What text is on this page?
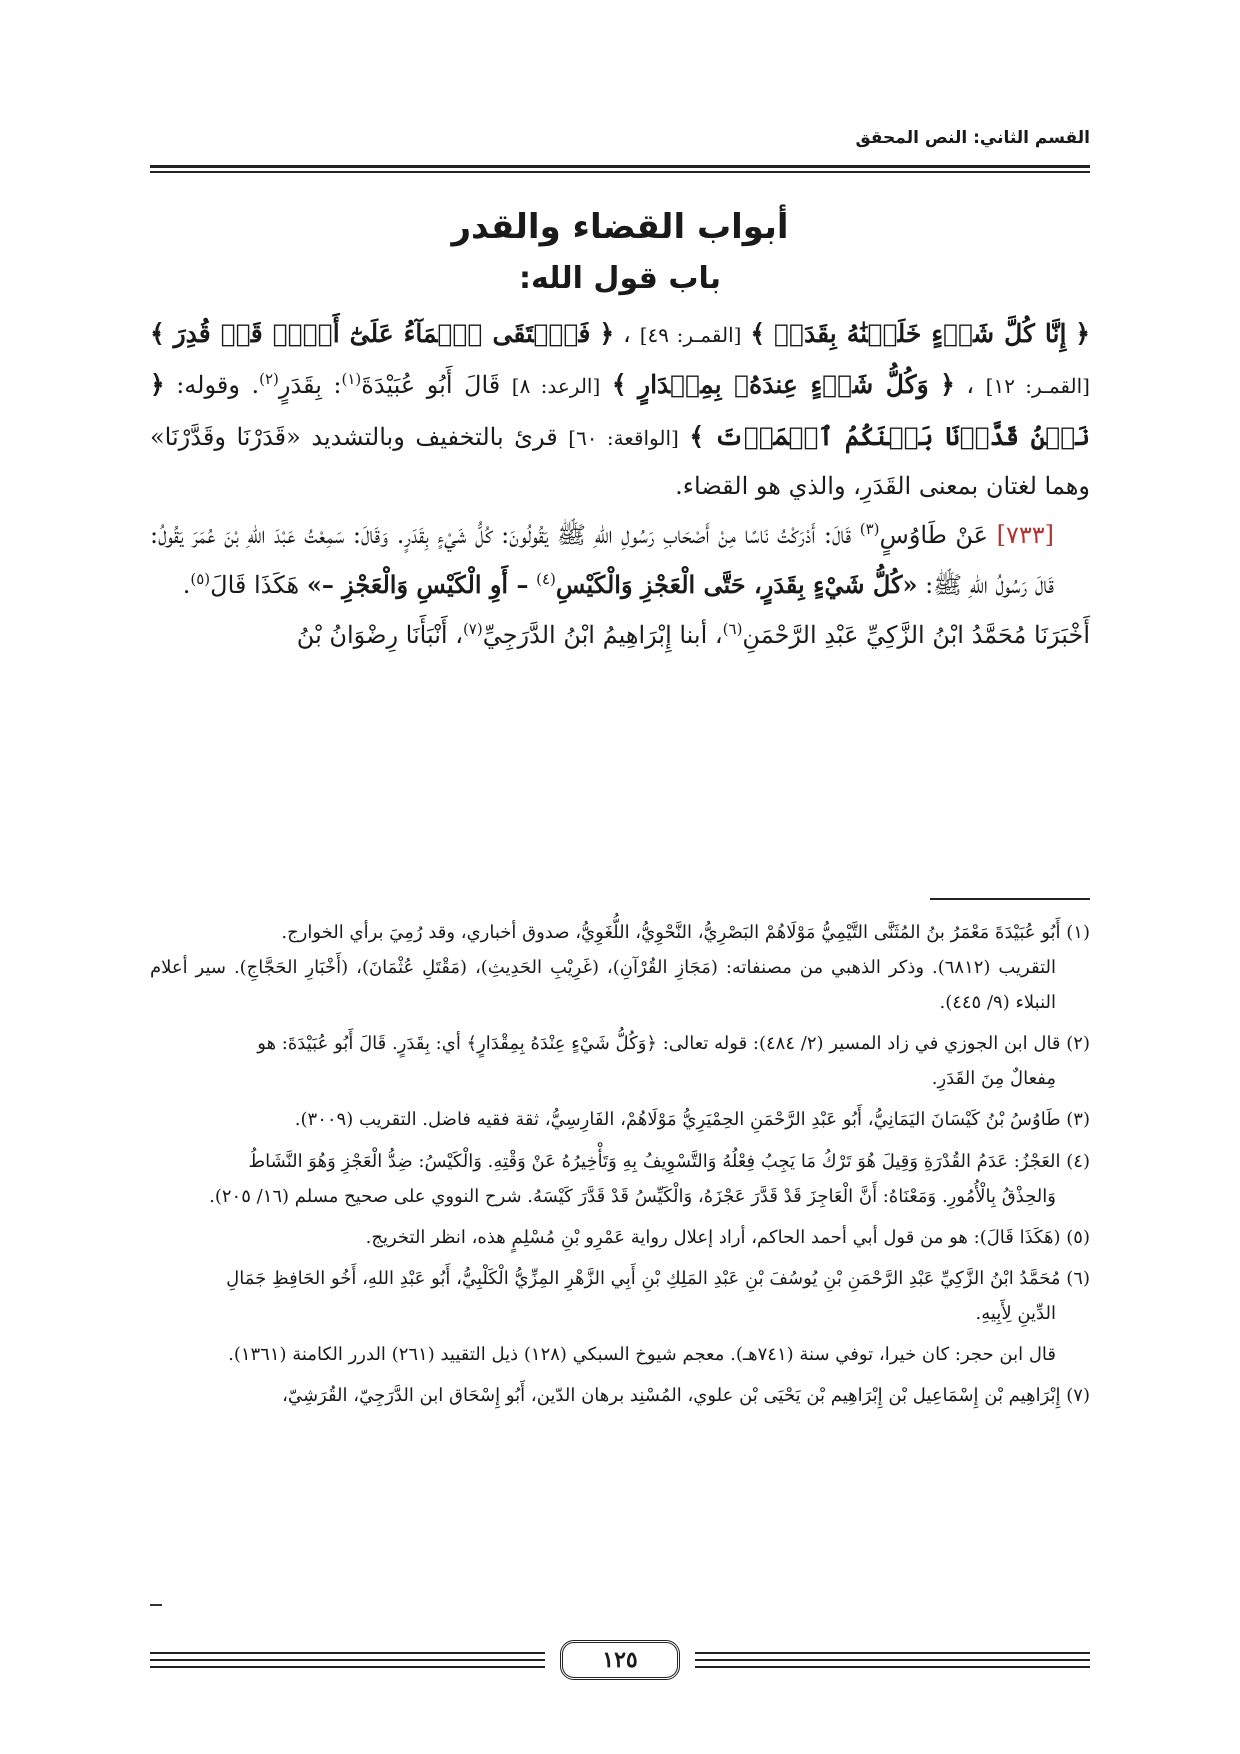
القسم الثاني: النص المحقق
أبواب القضاء والقدر
باب قول الله:

﴿ إِنَّا كُلَّ شَيۡءٍ خَلَقۡنَٰهُ بِقَدَرٖ ﴾ [القمـر: ٤٩] ، ﴿ فَٱلۡتَقَى ٱلۡمَآءُ عَلَىٰٓ أَمۡرٖ قَدۡ قُدِرَ ﴾ [القمـر: ١٢] ، ﴿ وَكُلُّ شَيۡءٍ عِندَهُۥ بِمِقۡدَارٍ ﴾ [الرعد: ٨] قَالَ أَبُو عُبَيْدَةَ$^{(١)}$: بِقَدَرٍ$^{(٢)}$. وقوله: ﴿ نَحۡنُ قَدَّرۡنَا بَيۡنَكُمُ ٱلۡمَوۡتَ ﴾ [الواقعة: ٦٠] قرئ بالتخفيف وبالتشديد «قَدَرْنَا وقَدَّرْنَا» وهما لغتان بمعنى القَدَرِ، والذي هو القضاء.

[٧٣٣] عَنْ طَاوُسٍ$^{(٣)}$ قَالَ: أَدْرَكْتُ نَاسًا مِنْ أَصْحَابِ رَسُولِ اللهِ ﷺ يَقُولُونَ: كُلُّ شَيْءٍ بِقَدَرٍ. وَقَالَ: سَمِعْتُ عَبْدَ اللهِ بْنَ عُمَرَ يَقُولُ: قَالَ رَسُولُ اللهِ ﷺ: «كُلُّ شَيْءٍ بِقَدَرٍ، حَتَّى الْعَجْزِ وَالْكَيْسِ$^{(٤)}$ – أَوِ الْكَيْسِ وَالْعَجْزِ –» هَكَذَا قَالَ$^{(٥)}$.

أَخْبَرَنَا مُحَمَّدُ ابْنُ الزَّكِيِّ عَبْدِ الرَّحْمَنِ$^{(٦)}$، أبنا إِبْرَاهِيمُ ابْنُ الدَّرَجِيِّ$^{(٧)}$، أَنْبَأَنَا رِضْوَانُ بْنُ

(١) أَبُو عُبَيْدَةَ مَعْمَرُ بنُ المُثَنَّى التَّيْمِيُّ مَوْلَاهُمْ البَصْرِيُّ، النَّحْوِيُّ، اللُّغَوِيُّ، صدوق أخباري، وقد رُمِيَ برأي الخوارج.
التقريب (٦٨١٢). وذكر الذهبي من مصنفاته: (مَجَازِ القُرْآنِ)، (غَرِيْبِ الحَدِيثِ)، (مَقْتَلِ عُثْمَانَ)، (أَخْبَارِ الحَجَّاجِ). سير أعلام النبلاء (٩/ ٤٤٥).

(٢) قال ابن الجوزي في زاد المسير (٢/ ٤٨٤): قوله تعالى: ﴿وَكُلُّ شَيْءٍ عِنْدَهُ بِمِقْدَارٍ﴾ أي: بِقَدَرٍ. قَالَ أَبُو عُبَيْدَةَ: هو
مِفعالٌ مِنَ القَدَرِ.

(٣) طَاوُسُ بْنُ كَيْسَانَ اليَمَانِيُّ، أَبُو عَبْدِ الرَّحْمَنِ الحِمْيَرِيُّ مَوْلَاهُمْ، الفَارِسِيُّ، ثقة فقيه فاضل. التقريب (٣٠٠٩).

(٤) العَجْزُ: عَدَمُ القُدْرَةِ وَقِيلَ هُوَ تَرْكُ مَا يَجِبُ فِعْلُهُ وَالتَّسْوِيفُ بِهِ وَتَأْخِيرُهُ عَنْ وَقْتِهِ. وَالْكَيْسُ: ضِدُّ الْعَجْزِ وَهُوَ النَّشَاطُ
وَالحِذْقُ بِالْأُمُورِ. وَمَعْنَاهُ: أَنَّ الْعَاجِزَ قَدْ قَدَّرَ عَجْزَهُ، وَالْكَيِّسُ قَدْ قَدَّرَ كَيْسَهُ. شرح النووي على صحيح مسلم (١٦/ ٢٠٥).

(٥) (هَكَذَا قَالَ): هو من قول أبي أحمد الحاكم، أراد إعلال رواية عَمْرِو بْنِ مُسْلِمٍ هذه، انظر التخريج.

(٦) مُحَمَّدُ ابْنُ الزَّكِيِّ عَبْدِ الرَّحْمَنِ بْنِ يُوسُفَ بْنِ عَبْدِ المَلِكِ بْنِ أَبِي الزَّهْرِ المِزِّيُّ الْكَلْبِيُّ، أَبُو عَبْدِ اللهِ، أَخُو الحَافِظِ جَمَالِ
الدِّينِ لِأَبِيهِ.

قال ابن حجر: كان خيرا، توفي سنة (٧٤١هـ). معجم شيوخ السبكي (١٢٨) ذيل التقييد (٢٦١) الدرر الكامنة (١٣٦١).

(٧) إِبْرَاهِيم بْن إِسْمَاعِيل بْن إِبْرَاهِيم بْن يَحْيَى بْن علوي، المُسْنِد برهان الدّين، أَبُو إِسْحَاق ابن الدَّرَجِيّ، القُرَشِيّ،

١٢٥
